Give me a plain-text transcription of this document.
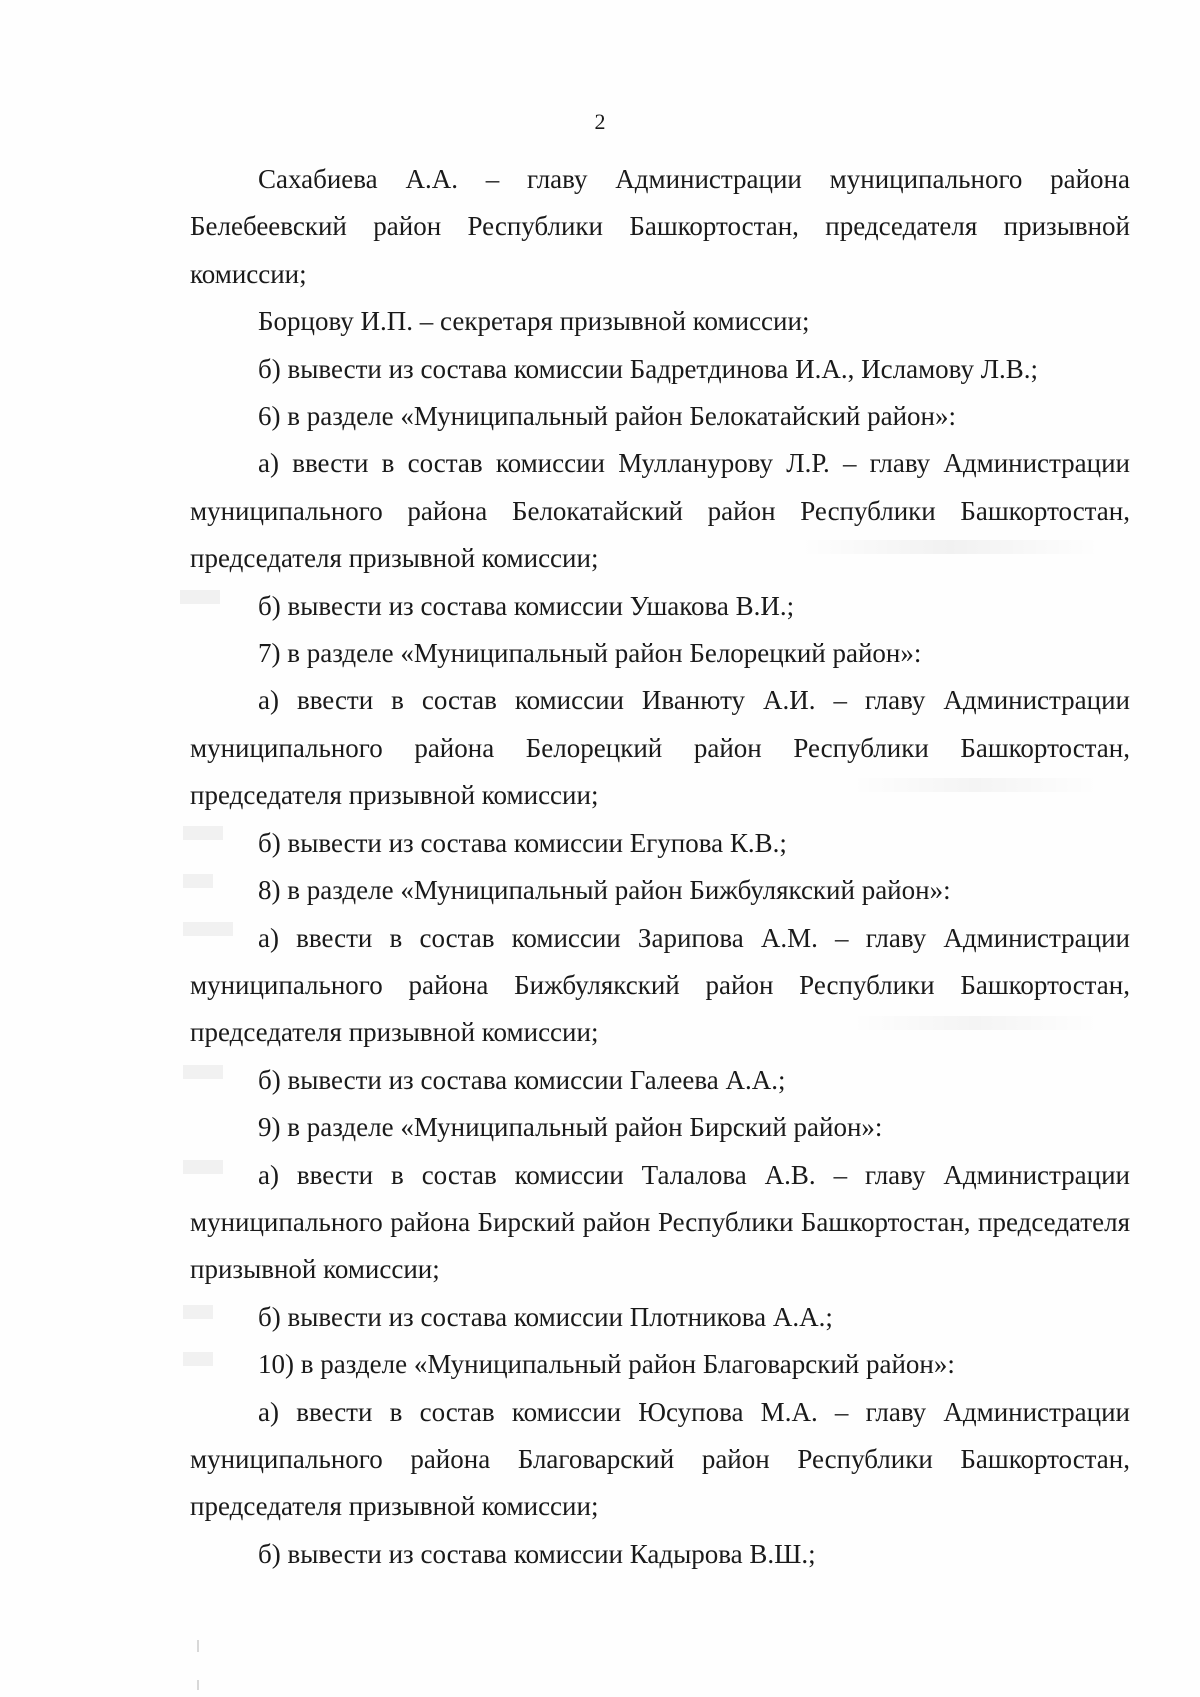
2

Сахабиева А.А. – главу Администрации муниципального района Белебеевский район Республики Башкортостан, председателя призывной комиссии;

Борцову И.П. – секретаря призывной комиссии;

б) вывести из состава комиссии Бадретдинова И.А., Исламову Л.В.;

6) в разделе «Муниципальный район Белокатайский район»:

а) ввести в состав комиссии Мулланурову Л.Р. – главу Администрации муниципального района Белокатайский район Республики Башкортостан, председателя призывной комиссии;

б) вывести из состава комиссии Ушакова В.И.;

7) в разделе «Муниципальный район Белорецкий район»:

а) ввести в состав комиссии Иванюту А.И. – главу Администрации муниципального района Белорецкий район Республики Башкортостан, председателя призывной комиссии;

б) вывести из состава комиссии Егупова К.В.;

8) в разделе «Муниципальный район Бижбулякский район»:

а) ввести в состав комиссии Зарипова А.М. – главу Администрации муниципального района Бижбулякский район Республики Башкортостан, председателя призывной комиссии;

б) вывести из состава комиссии Галеева А.А.;

9) в разделе «Муниципальный район Бирский район»:

а) ввести в состав комиссии Талалова А.В. – главу Администрации муниципального района Бирский район Республики Башкортостан, председателя призывной комиссии;

б) вывести из состава комиссии Плотникова А.А.;

10) в разделе «Муниципальный район Благоварский район»:

а) ввести в состав комиссии Юсупова М.А. – главу Администрации муниципального района Благоварский район Республики Башкортостан, председателя призывной комиссии;

б) вывести из состава комиссии Кадырова В.Ш.;
